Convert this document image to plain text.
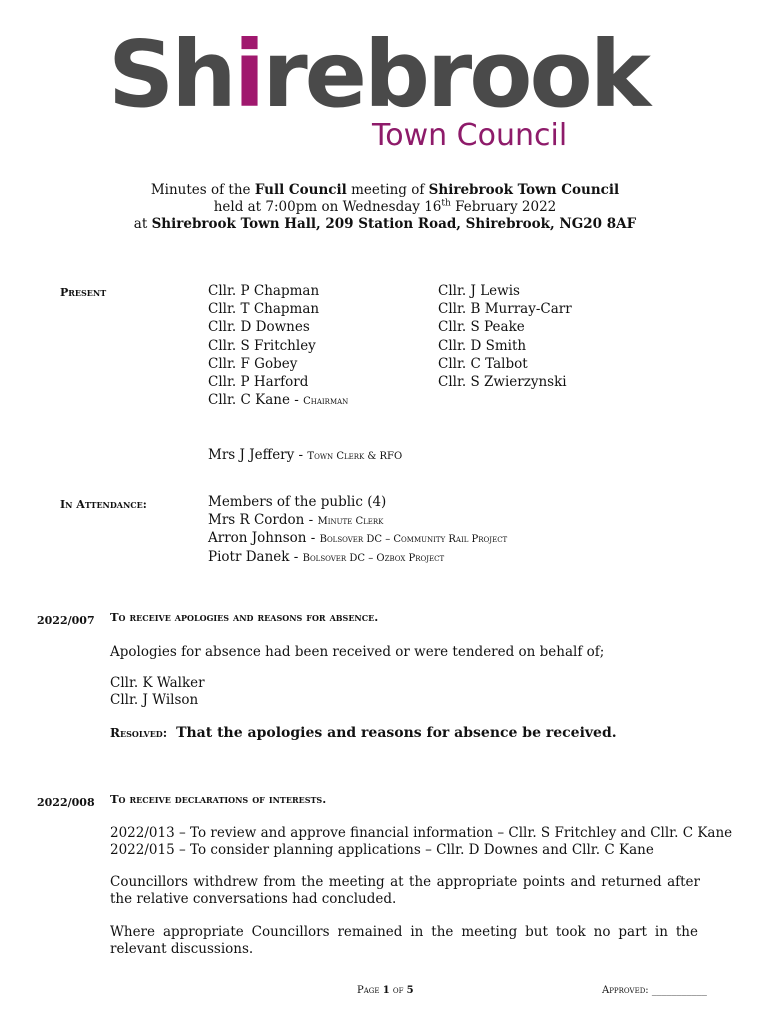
Shirebrook
Town Council
Minutes of the Full Council meeting of Shirebrook Town Council
held at 7:00pm on Wednesday 16th February 2022
at Shirebrook Town Hall, 209 Station Road, Shirebrook, NG20 8AF
Present	Cllr. P Chapman
Cllr. T Chapman
Cllr. D Downes
Cllr. S Fritchley
Cllr. F Gobey
Cllr. P Harford
Cllr. C Kane - Chairman
Cllr. J Lewis
Cllr. B Murray-Carr
Cllr. S Peake
Cllr. D Smith
Cllr. C Talbot
Cllr. S Zwierzynski
Mrs J Jeffery - Town Clerk & RFO
In Attendance:	Members of the public (4)
Mrs R Cordon - Minute Clerk
Arron Johnson - Bolsover DC – Community Rail Project
Piotr Danek - Bolsover DC – Ozbox Project
2022/007 To receive apologies and reasons for absence.
Apologies for absence had been received or were tendered on behalf of;
Cllr. K Walker
Cllr. J Wilson
Resolved: That the apologies and reasons for absence be received.
2022/008 To receive declarations of interests.
2022/013 – To review and approve financial information – Cllr. S Fritchley and Cllr. C Kane
2022/015 – To consider planning applications – Cllr. D Downes and Cllr. C Kane
Councillors withdrew from the meeting at the appropriate points and returned after the relative conversations had concluded.
Where appropriate Councillors remained in the meeting but took no part in the relevant discussions.
Page 1 of 5	Approved: ___________
